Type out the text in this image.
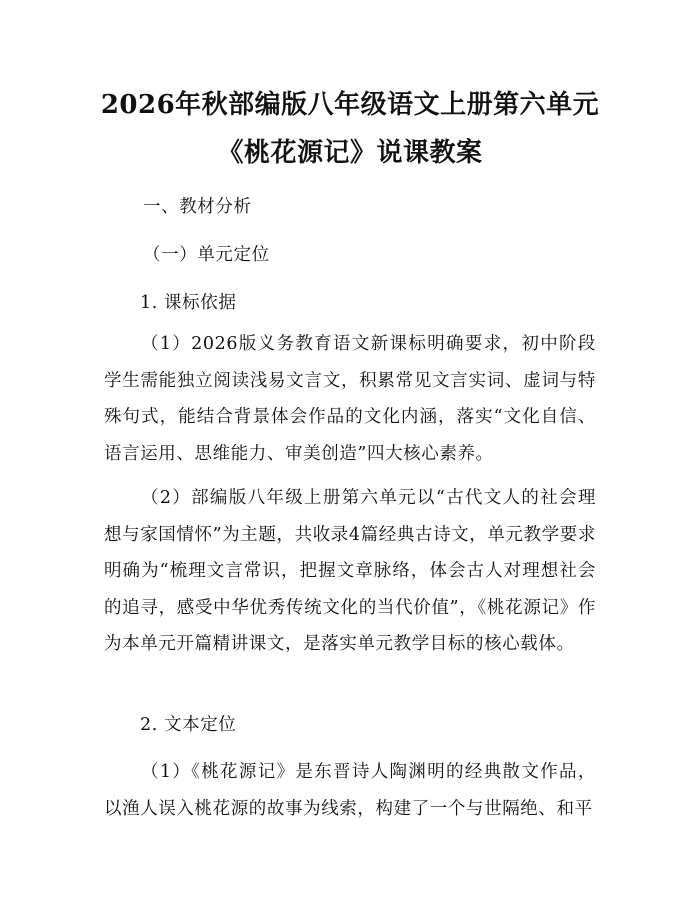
2026年秋部编版八年级语文上册第六单元
《桃花源记》说课教案
一、教材分析
（一）单元定位
1. 课标依据
（1）2026版义务教育语文新课标明确要求，初中阶段学生需能独立阅读浅易文言文，积累常见文言实词、虚词与特殊句式，能结合背景体会作品的文化内涵，落实“文化自信、语言运用、思维能力、审美创造”四大核心素养。
（2）部编版八年级上册第六单元以“古代文人的社会理想与家国情怀”为主题，共收录4篇经典古诗文，单元教学要求明确为“梳理文言常识，把握文章脉络，体会古人对理想社会的追寻，感受中华优秀传统文化的当代价值”，《桃花源记》作为本单元开篇精讲课文，是落实单元教学目标的核心载体。
2. 文本定位
（1）《桃花源记》是东晋诗人陶渊明的经典散文作品，以渔人误入桃花源的故事为线索，构建了一个与世隔绝、和平
